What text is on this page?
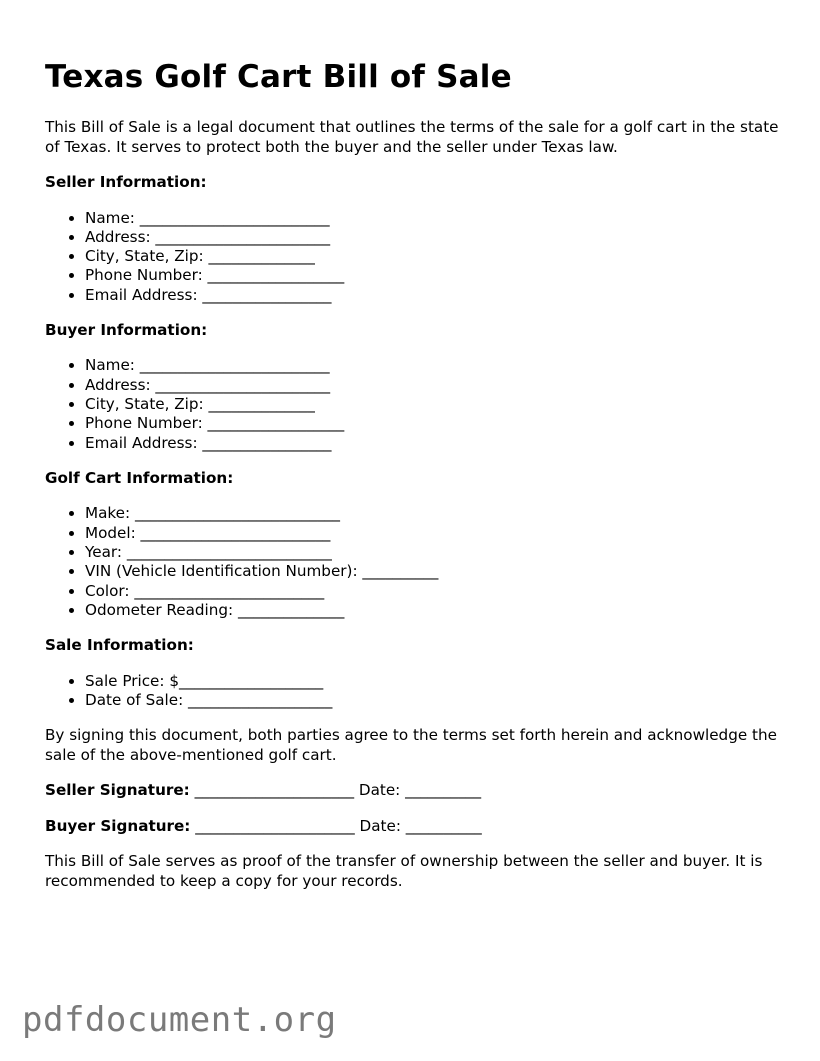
Texas Golf Cart Bill of Sale

This Bill of Sale is a legal document that outlines the terms of the sale for a golf cart in the state of Texas. It serves to protect both the buyer and the seller under Texas law.

Seller Information:

• Name: _________________________
• Address: _______________________
• City, State, Zip: ______________
• Phone Number: __________________
• Email Address: _________________

Buyer Information:

• Name: _________________________
• Address: _______________________
• City, State, Zip: ______________
• Phone Number: __________________
• Email Address: _________________

Golf Cart Information:

• Make: ___________________________
• Model: _________________________
• Year: ___________________________
• VIN (Vehicle Identification Number): __________
• Color: _________________________
• Odometer Reading: ______________

Sale Information:

• Sale Price: $___________________
• Date of Sale: ___________________

By signing this document, both parties agree to the terms set forth herein and acknowledge the sale of the above-mentioned golf cart.

Seller Signature: _____________________ Date: __________

Buyer Signature: _____________________ Date: __________

This Bill of Sale serves as proof of the transfer of ownership between the seller and buyer. It is recommended to keep a copy for your records.

pdfdocument.org
